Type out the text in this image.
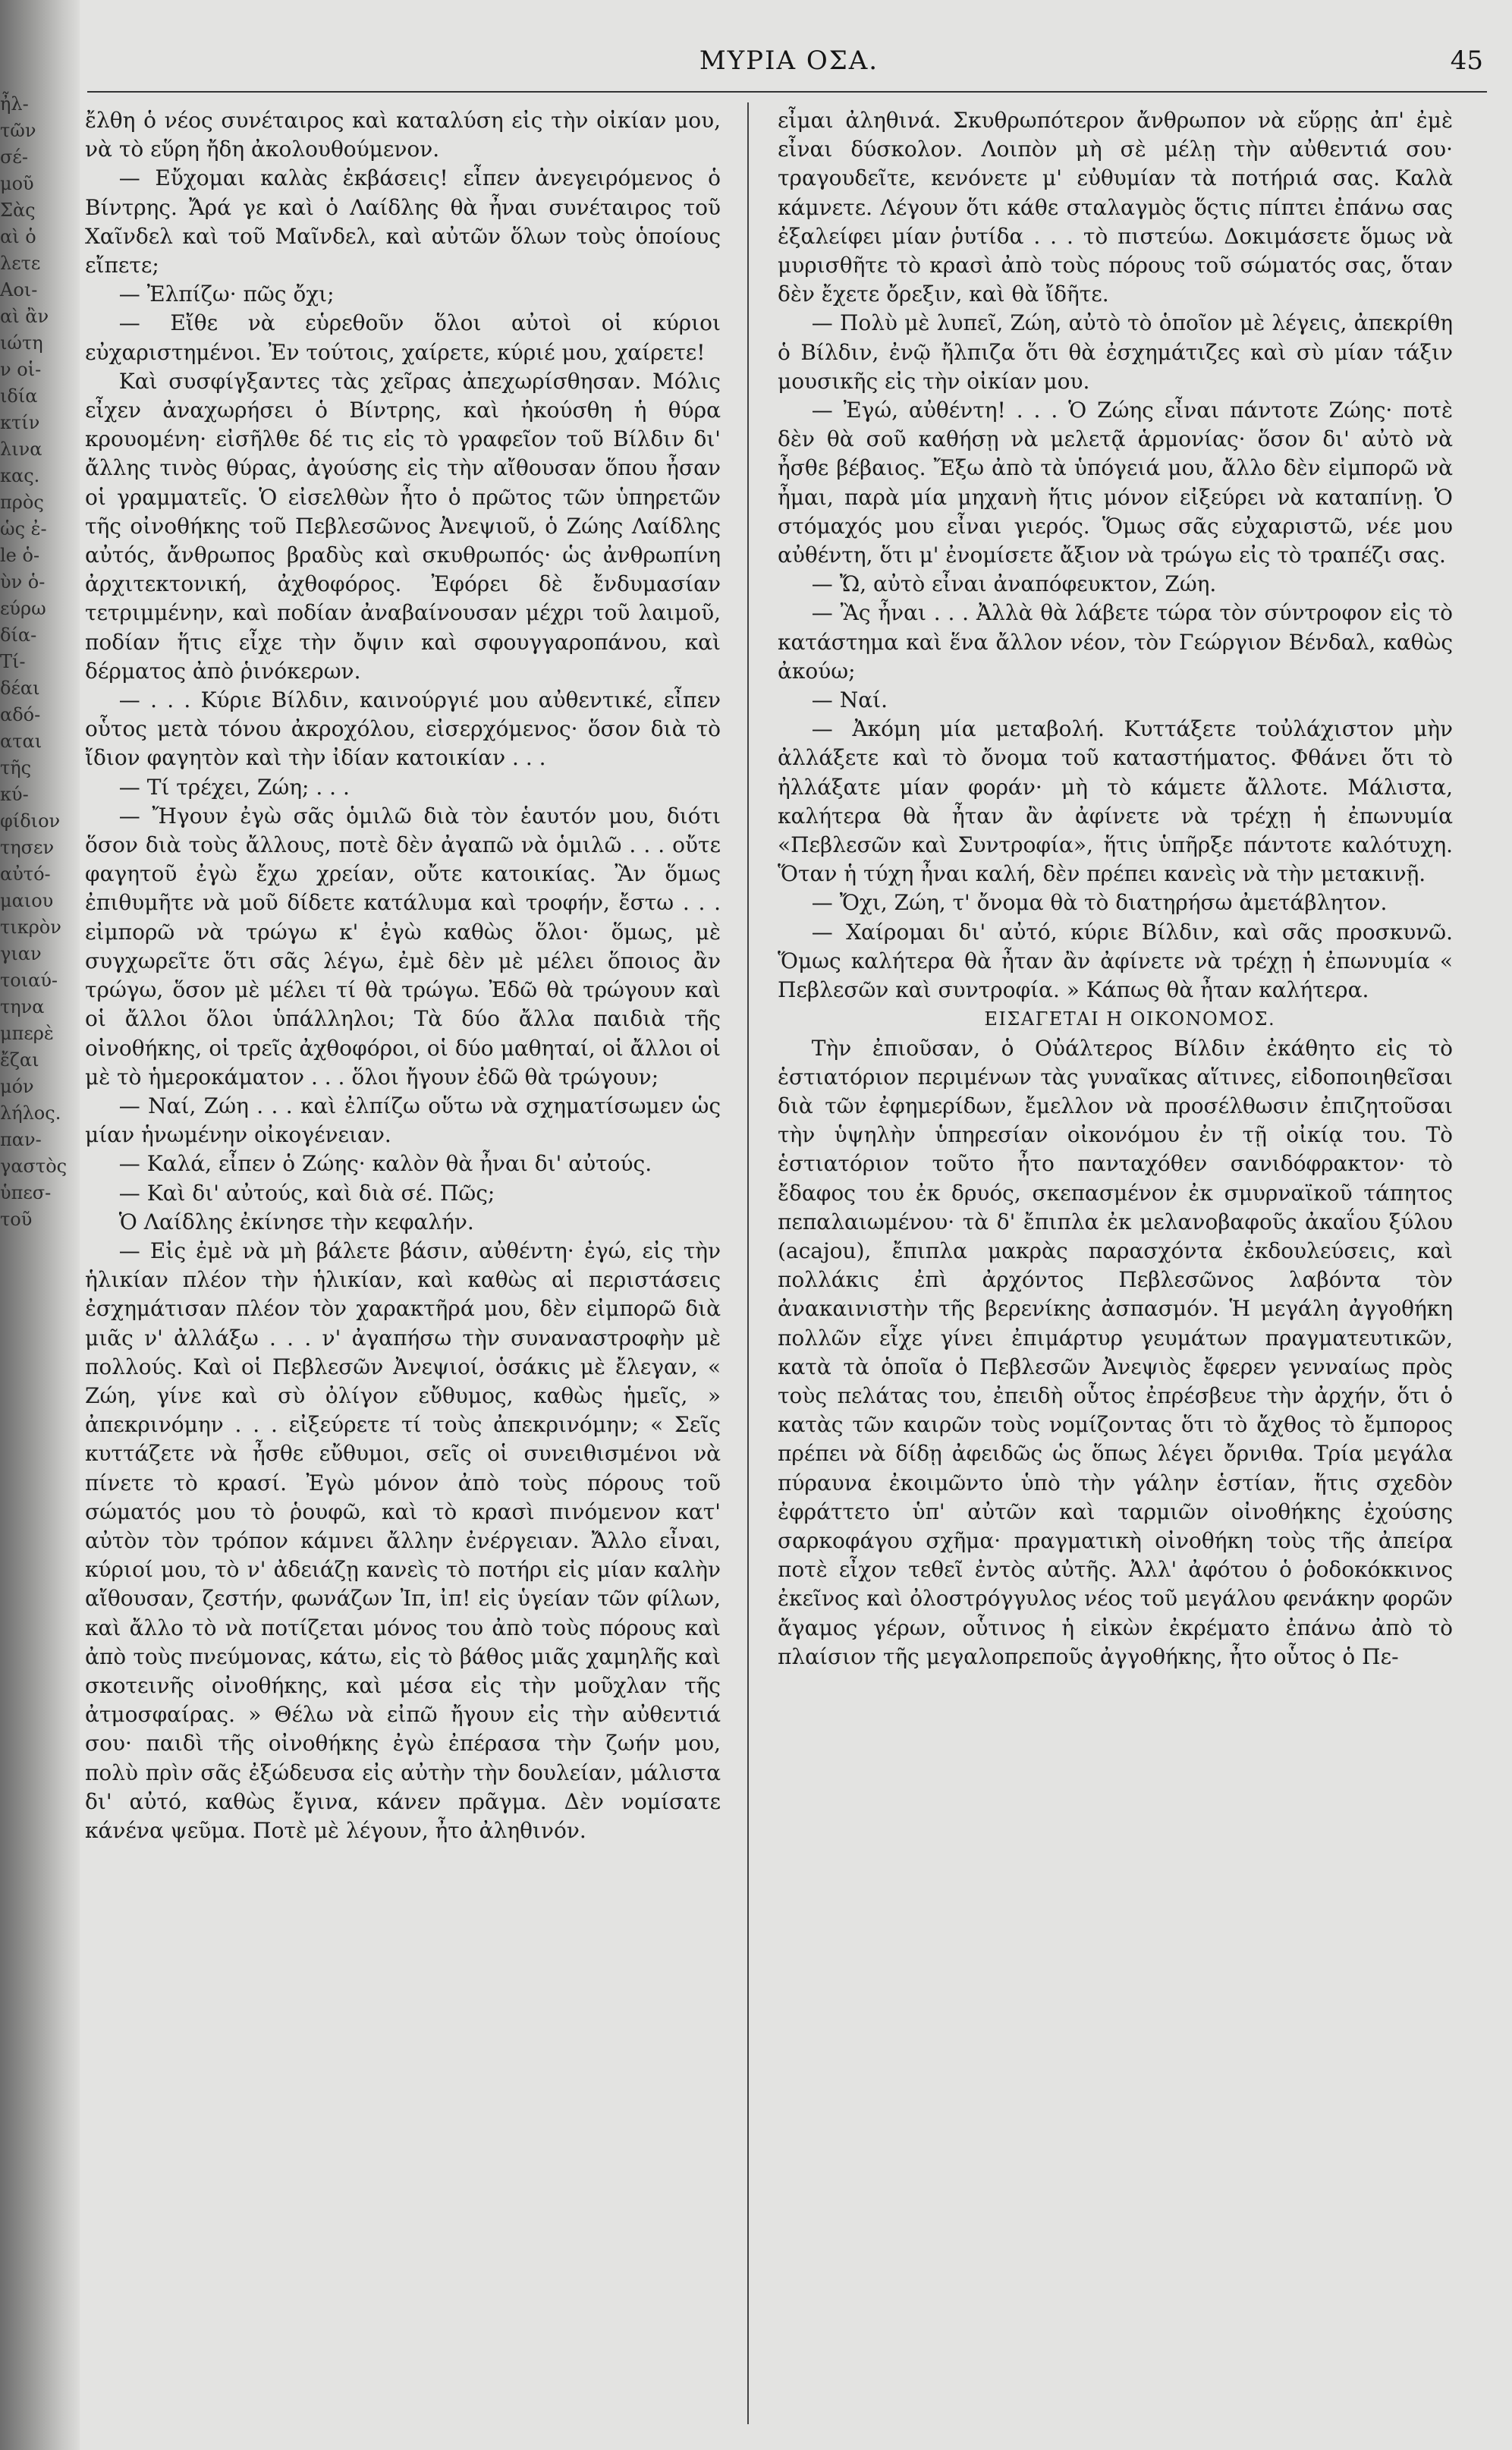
ἦλ-
τῶν
σέ-
μοῦ
Σὰς
αὶ ὁ
λετε
Αοι-
αὶ ἂν
ιώτη
ν οἱ-
ιδία
κτίν
λινα
κας.
πρὸς
ὡς ἐ-
le ὁ-
ὺν ὁ-
εύρω
δία-
Τί-
δέαι
αδό-
αται
τῆς
κύ-
φίδιον
τησεν
αὐτό-
μαιου
τικρὸν
γιαν
τοιαύ-
τηνα
μπερὲ
ἔζαι
μόν
λήλος.
παν-
γαστὸς
ὑπεσ-
τοῦ
ΜΥΡΙΑ ΟΣΑ.	45

ἔλθη ὁ νέος συνέταιρος καὶ καταλύση εἰς τὴν οἰκίαν μου, νὰ τὸ εὕρη ἤδη ἀκολουθούμενον.

— Εὔχομαι καλὰς ἐκβάσεις! εἶπεν ἀνεγειρόμενος ὁ Βίντρης. Ἄρά γε καὶ ὁ Λαίδλης θὰ ἦναι συνέταιρος τοῦ Χαῖνδελ καὶ τοῦ Μαῖνδελ, καὶ αὐτῶν ὅλων τοὺς ὁποίους εἴπετε;

— Ἐλπίζω· πῶς ὄχι;

— Εἴθε νὰ εὑρεθοῦν ὅλοι αὐτοὶ οἱ κύριοι εὐχαριστημένοι. Ἐν τούτοις, χαίρετε, κύριέ μου, χαίρετε!

Καὶ συσφίγξαντες τὰς χεῖρας ἀπεχωρίσθησαν. Μόλις εἶχεν ἀναχωρήσει ὁ Βίντρης, καὶ ἠκούσθη ἡ θύρα κρουομένη· εἰσῆλθε δέ τις εἰς τὸ γραφεῖον τοῦ Βίλδιν δι' ἄλλης τινὸς θύρας, ἀγούσης εἰς τὴν αἴθουσαν ὅπου ἦσαν οἱ γραμματεῖς. Ὁ εἰσελθὼν ἦτο ὁ πρῶτος τῶν ὑπηρετῶν τῆς οἰνοθήκης τοῦ Πεβλεσῶνος Ἀνεψιοῦ, ὁ Ζώης Λαίδλης αὐτός, ἄνθρωπος βραδὺς καὶ σκυθρωπός· ὡς ἀνθρωπίνη ἀρχιτεκτονική, ἀχθοφόρος. Ἐφόρει δὲ ἔνδυμασίαν τετριμμένην, καὶ ποδίαν ἀναβαίνουσαν μέχρι τοῦ λαιμοῦ, ποδίαν ἥτις εἶχε τὴν ὄψιν καὶ σφουγγαροπάνου, καὶ δέρματος ἀπὸ ῥινόκερων.

— . . . Κύριε Βίλδιν, καινούργιέ μου αὐθεντικέ, εἶπεν οὗτος μετὰ τόνου ἀκροχόλου, εἰσερχόμενος· ὅσον διὰ τὸ ἴδιον φαγητὸν καὶ τὴν ἰδίαν κατοικίαν . . .

— Τί τρέχει, Ζώη; . . .

— Ἤγουν ἐγὼ σᾶς ὁμιλῶ διὰ τὸν ἑαυτόν μου, διότι ὅσον διὰ τοὺς ἄλλους, ποτὲ δὲν ἀγαπῶ νὰ ὁμιλῶ . . . οὔτε φαγητοῦ ἐγὼ ἔχω χρείαν, οὔτε κατοικίας. Ἂν ὅμως ἐπιθυμῆτε νὰ μοῦ δίδετε κατάλυμα καὶ τροφήν, ἔστω . . . εἰμπορῶ νὰ τρώγω κ' ἐγὼ καθὼς ὅλοι· ὅμως, μὲ συγχωρεῖτε ὅτι σᾶς λέγω, ἐμὲ δὲν μὲ μέλει ὅποιος ἂν τρώγω, ὅσον μὲ μέλει τί θὰ τρώγω. Ἐδῶ θὰ τρώγουν καὶ οἱ ἄλλοι ὅλοι ὑπάλληλοι; Τὰ δύο ἄλλα παιδιὰ τῆς οἰνοθήκης, οἱ τρεῖς ἀχθοφόροι, οἱ δύο μαθηταί, οἱ ἄλλοι οἱ μὲ τὸ ἡμεροκάματον . . . ὅλοι ἤγουν ἐδῶ θὰ τρώγουν;

— Ναί, Ζώη . . . καὶ ἐλπίζω οὕτω νὰ σχηματίσωμεν ὡς μίαν ἡνωμένην οἰκογένειαν.

— Καλά, εἶπεν ὁ Ζώης· καλὸν θὰ ἦναι δι' αὐτούς.

— Καὶ δι' αὐτούς, καὶ διὰ σέ. Πῶς;

Ὁ Λαίδλης ἐκίνησε τὴν κεφαλήν.

— Εἰς ἐμὲ νὰ μὴ βάλετε βάσιν, αὐθέντη· ἐγώ, εἰς τὴν ἡλικίαν πλέον τὴν ἡλικίαν, καὶ καθὼς αἱ περιστάσεις ἐσχημάτισαν πλέον τὸν χαρακτῆρά μου, δὲν εἰμπορῶ διὰ μιᾶς ν' ἀλλάξω . . . ν' ἀγαπήσω τὴν συναναστροφὴν μὲ πολλούς. Καὶ οἱ Πεβλεσῶν Ἀνεψιοί, ὁσάκις μὲ ἔλεγαν, « Ζώη, γίνε καὶ σὺ ὀλίγον εὔθυμος, καθὼς ἡμεῖς, » ἀπεκρινόμην . . . εἰξεύρετε τί τοὺς ἀπεκρινόμην; « Σεῖς κυττάζετε νὰ ἦσθε εὔθυμοι, σεῖς οἱ συνειθισμένοι νὰ πίνετε τὸ κρασί. Ἐγὼ μόνον ἀπὸ τοὺς πόρους τοῦ σώματός μου τὸ ῥουφῶ, καὶ τὸ κρασὶ πινόμενον κατ' αὐτὸν τὸν τρόπον κάμνει ἄλλην ἐνέργειαν. Ἄλλο εἶναι, κύριοί μου, τὸ ν' ἀδειάζῃ κανεὶς τὸ ποτήρι εἰς μίαν καλὴν αἴθουσαν, ζεστήν, φωνάζων Ἰπ, ἰπ! εἰς ὑγείαν τῶν φίλων, καὶ ἄλλο τὸ νὰ ποτίζεται μόνος του ἀπὸ τοὺς πόρους καὶ ἀπὸ τοὺς πνεύμονας, κάτω, εἰς τὸ βάθος μιᾶς χαμηλῆς καὶ σκοτεινῆς οἰνοθήκης, καὶ μέσα εἰς τὴν μοῦχλαν τῆς ἀτμοσφαίρας. » Θέλω νὰ εἰπῶ ἤγουν εἰς τὴν αὐθεντιά σου· παιδὶ τῆς οἰνοθήκης ἐγὼ ἐπέρασα τὴν ζωήν μου, πολὺ πρὶν σᾶς ἐξώδευσα εἰς αὐτὴν τὴν δουλείαν, μάλιστα δι' αὐτό, καθὼς ἔγινα, κάνεν πρᾶγμα. Δὲν νομίσατε κάνένα ψεῦμα. Ποτὲ μὲ λέγουν, ἦτο ἀληθινόν.

εἶμαι ἀληθινά. Σκυθρωπότερον ἄνθρωπον νὰ εὕρῃς ἀπ' ἐμὲ εἶναι δύσκολον. Λοιπὸν μὴ σὲ μέλῃ τὴν αὐθεντιά σου· τραγουδεῖτε, κενόνετε μ' εὐθυμίαν τὰ ποτήριά σας. Καλὰ κάμνετε. Λέγουν ὅτι κάθε σταλαγμὸς ὅςτις πίπτει ἐπάνω σας ἐξαλείφει μίαν ῥυτίδα . . . τὸ πιστεύω. Δοκιμάσετε ὅμως νὰ μυρισθῆτε τὸ κρασὶ ἀπὸ τοὺς πόρους τοῦ σώματός σας, ὅταν δὲν ἔχετε ὄρεξιν, καὶ θὰ ἴδῆτε.

— Πολὺ μὲ λυπεῖ, Ζώη, αὐτὸ τὸ ὁποῖον μὲ λέγεις, ἀπεκρίθη ὁ Βίλδιν, ἐνῷ ἤλπιζα ὅτι θὰ ἐσχημάτιζες καὶ σὺ μίαν τάξιν μουσικῆς εἰς τὴν οἰκίαν μου.

— Ἐγώ, αὐθέντη! . . . Ὁ Ζώης εἶναι πάντοτε Ζώης· ποτὲ δὲν θὰ σοῦ καθήσῃ νὰ μελετᾷ ἁρμονίας· ὅσον δι' αὐτὸ νὰ ἦσθε βέβαιος. Ἔξω ἀπὸ τὰ ὑπόγειά μου, ἄλλο δὲν εἰμπορῶ νὰ ἦμαι, παρὰ μία μηχανὴ ἥτις μόνον εἰξεύρει νὰ καταπίνῃ. Ὁ στόμαχός μου εἶναι γιερός. Ὅμως σᾶς εὐχαριστῶ, νέε μου αὐθέντη, ὅτι μ' ἐνομίσετε ἄξιον νὰ τρώγω εἰς τὸ τραπέζι σας.

— Ὤ, αὐτὸ εἶναι ἀναπόφευκτον, Ζώη.

— Ἂς ἦναι . . . Ἀλλὰ θὰ λάβετε τώρα τὸν σύντροφον εἰς τὸ κατάστημα καὶ ἕνα ἄλλον νέον, τὸν Γεώργιον Βένδαλ, καθὼς ἀκούω;

— Ναί.

— Ἀκόμη μία μεταβολή. Κυττάξετε τοὐλάχιστον μὴν ἀλλάξετε καὶ τὸ ὄνομα τοῦ καταστήματος. Φθάνει ὅτι τὸ ἠλλάξατε μίαν φοράν· μὴ τὸ κάμετε ἄλλοτε. Μάλιστα, καλήτερα θὰ ἦταν ἂν ἀφίνετε νὰ τρέχῃ ἡ ἐπωνυμία «Πεβλεσῶν καὶ Συντροφία», ἥτις ὑπῆρξε πάντοτε καλότυχη. Ὅταν ἡ τύχη ἦναι καλή, δὲν πρέπει κανεὶς νὰ τὴν μετακινῇ.

— Ὄχι, Ζώη, τ' ὄνομα θὰ τὸ διατηρήσω ἀμετάβλητον.

— Χαίρομαι δι' αὐτό, κύριε Βίλδιν, καὶ σᾶς προσκυνῶ. Ὅμως καλήτερα θὰ ἦταν ἂν ἀφίνετε νὰ τρέχῃ ἡ ἐπωνυμία « Πεβλεσῶν καὶ συντροφία. » Κάπως θὰ ἦταν καλήτερα.

ΕΙΣΑΓΕΤΑΙ Η ΟΙΚΟΝΟΜΟΣ.

Τὴν ἐπιοῦσαν, ὁ Οὐάλτερος Βίλδιν ἐκάθητο εἰς τὸ ἑστιατόριον περιμένων τὰς γυναῖκας αἵτινες, εἰδοποιηθεῖσαι διὰ τῶν ἐφημερίδων, ἔμελλον νὰ προσέλθωσιν ἐπιζητοῦσαι τὴν ὑψηλὴν ὑπηρεσίαν οἰκονόμου ἐν τῇ οἰκίᾳ του. Τὸ ἑστιατόριον τοῦτο ἦτο πανταχόθεν σανιδόφρακτον· τὸ ἔδαφος του ἐκ δρυός, σκεπασμένον ἐκ σμυρναϊκοῦ τάπητος πεπαλαιωμένου· τὰ δ' ἔπιπλα ἐκ μελανοβαφοῦς ἀκαΐου ξύλου (acajou), ἔπιπλα μακρὰς παρασχόντα ἐκδουλεύσεις, καὶ πολλάκις ἐπὶ ἀρχόντος Πεβλεσῶνος λαβόντα τὸν ἀνακαινιστὴν τῆς βερενίκης ἀσπασμόν. Ἡ μεγάλη ἀγγοθήκη πολλῶν εἶχε γίνει ἐπιμάρτυρ γευμάτων πραγματευτικῶν, κατὰ τὰ ὁποῖα ὁ Πεβλεσῶν Ἀνεψιὸς ἔφερεν γενναίως πρὸς τοὺς πελάτας του, ἐπειδὴ οὗτος ἐπρέσβευε τὴν ἀρχήν, ὅτι ὁ κατὰς τῶν καιρῶν τοὺς νομίζοντας ὅτι τὸ ἄχθος τὸ ἔμπορος πρέπει νὰ δίδῃ ἀφειδῶς ὡς ὅπως λέγει ὄρνιθα. Τρία μεγάλα πύραυνα ἐκοιμῶντο ὑπὸ τὴν γάλην ἑστίαν, ἥτις σχεδὸν ἐφράττετο ὑπ' αὐτῶν καὶ ταρμιῶν οἰνοθήκης ἐχούσης σαρκοφάγου σχῆμα· πραγματικὴ οἰνοθήκη τοὺς τῆς ἀπείρα ποτὲ εἶχον τεθεῖ ἐντὸς αὐτῆς. Ἀλλ' ἀφότου ὁ ῥοδοκόκκινος ἐκεῖνος καὶ ὀλοστρόγγυλος νέος τοῦ μεγάλου φενάκην φορῶν ἄγαμος γέρων, οὗτινος ἡ εἰκὼν ἐκρέματο ἐπάνω ἀπὸ τὸ πλαίσιον τῆς μεγαλοπρεποῦς ἀγγοθήκης, ἦτο οὗτος ὁ Πε-
